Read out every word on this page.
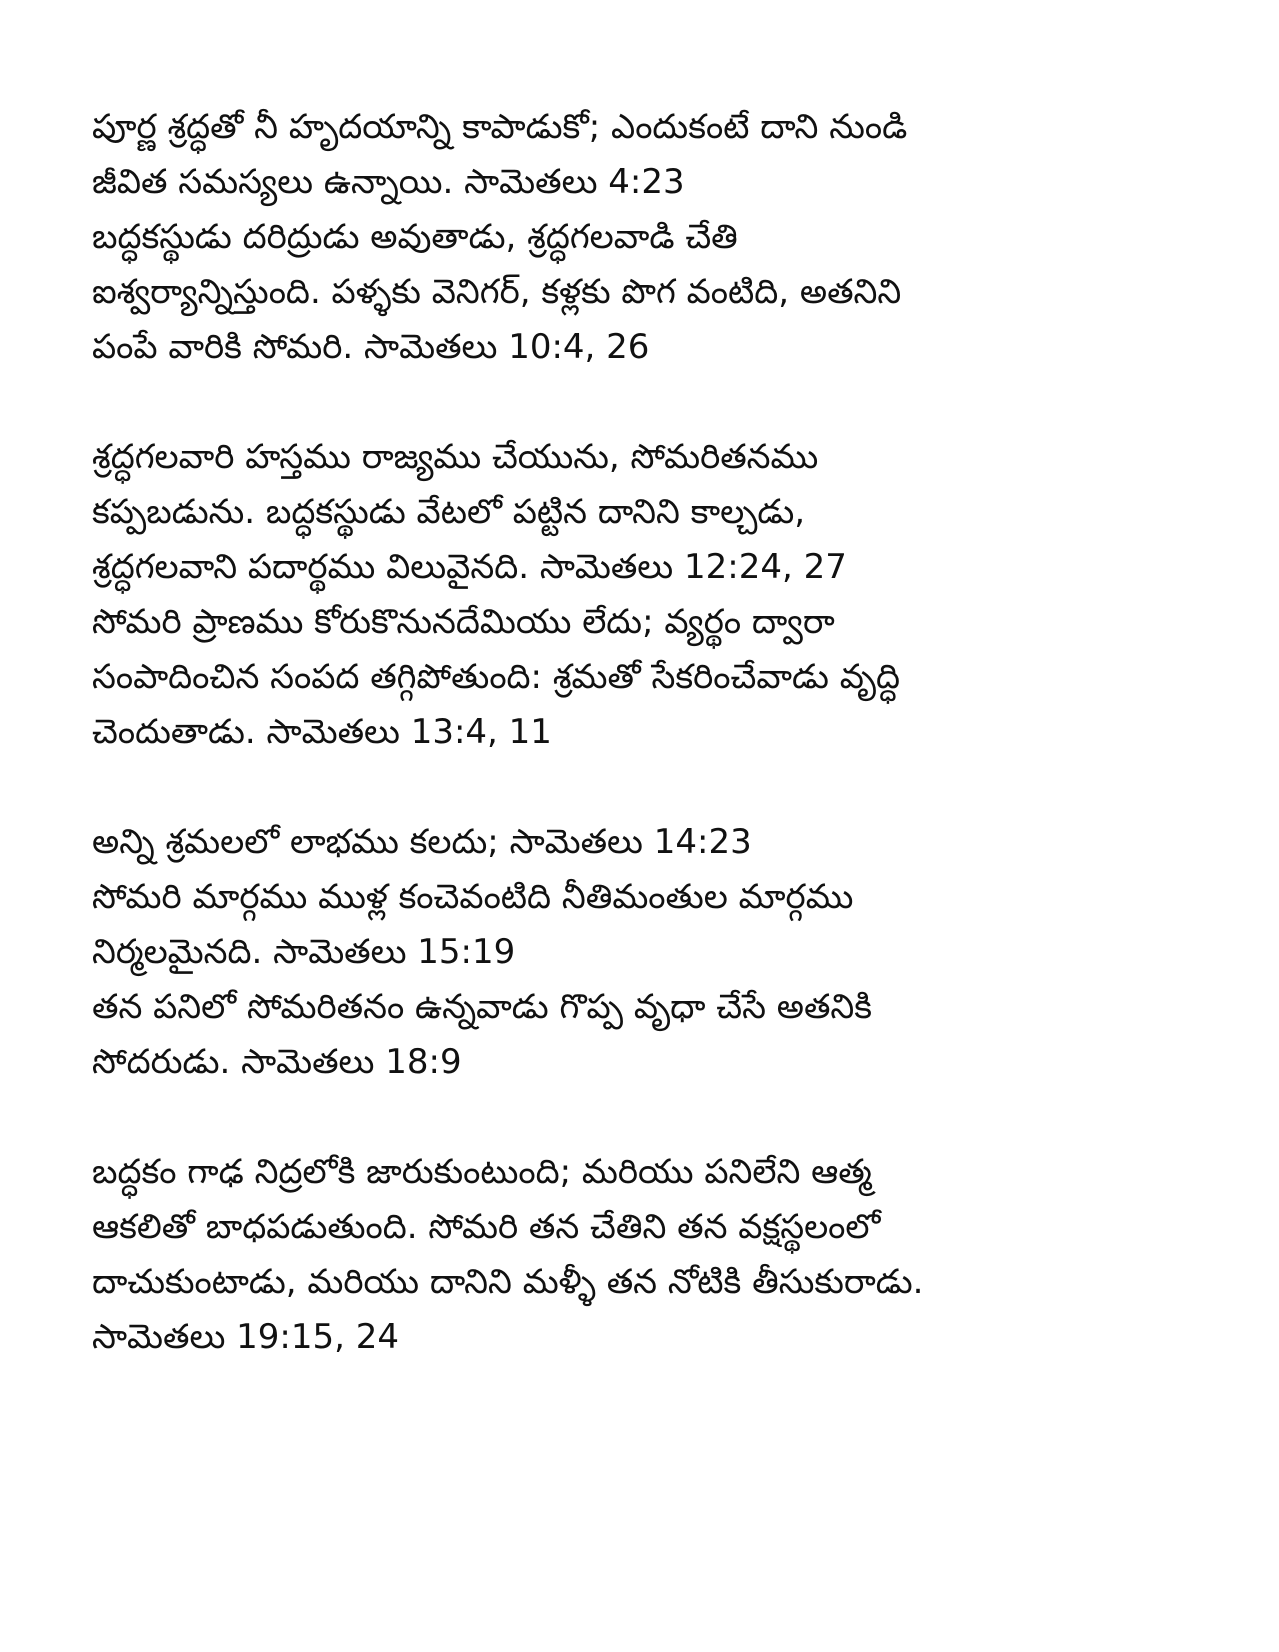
పూర్ణ శ్రద్ధతో నీ హృదయాన్ని కాపాడుకో; ఎందుకంటే దాని నుండి
జీవిత సమస్యలు ఉన్నాయి. సామెతలు 4:23
బద్ధకస్థుడు దరిద్రుడు అవుతాడు, శ్రద్ధగలవాడి చేతి
ఐశ్వర్యాన్నిస్తుంది. పళ్ళకు వెనిగర్, కళ్లకు పొగ వంటిది, అతనిని
పంపే వారికి సోమరి. సామెతలు 10:4, 26
శ్రద్ధగలవారి హస్తము రాజ్యము చేయును, సోమరితనము
కప్పబడును. బద్ధకస్థుడు వేటలో పట్టిన దానిని కాల్చడు,
శ్రద్ధగలవాని పదార్థము విలువైనది. సామెతలు 12:24, 27
సోమరి ప్రాణము కోరుకొనునదేమియు లేదు; వ్యర్థం ద్వారా
సంపాదించిన సంపద తగ్గిపోతుంది: శ్రమతో సేకరించేవాడు వృద్ధి
చెందుతాడు. సామెతలు 13:4, 11
అన్ని శ్రమలలో లాభము కలదు; సామెతలు 14:23
సోమరి మార్గము ముళ్ల కంచెవంటిది నీతిమంతుల మార్గము
నిర్మలమైనది. సామెతలు 15:19
తన పనిలో సోమరితనం ఉన్నవాడు గొప్ప వృధా చేసే అతనికి
సోదరుడు. సామెతలు 18:9
బద్ధకం గాఢ నిద్రలోకి జారుకుంటుంది; మరియు పనిలేని ఆత్మ
ఆకలితో బాధపడుతుంది. సోమరి తన చేతిని తన వక్షస్థలంలో
దాచుకుంటాడు, మరియు దానిని మళ్ళీ తన నోటికి తీసుకురాడు.
సామెతలు 19:15, 24
